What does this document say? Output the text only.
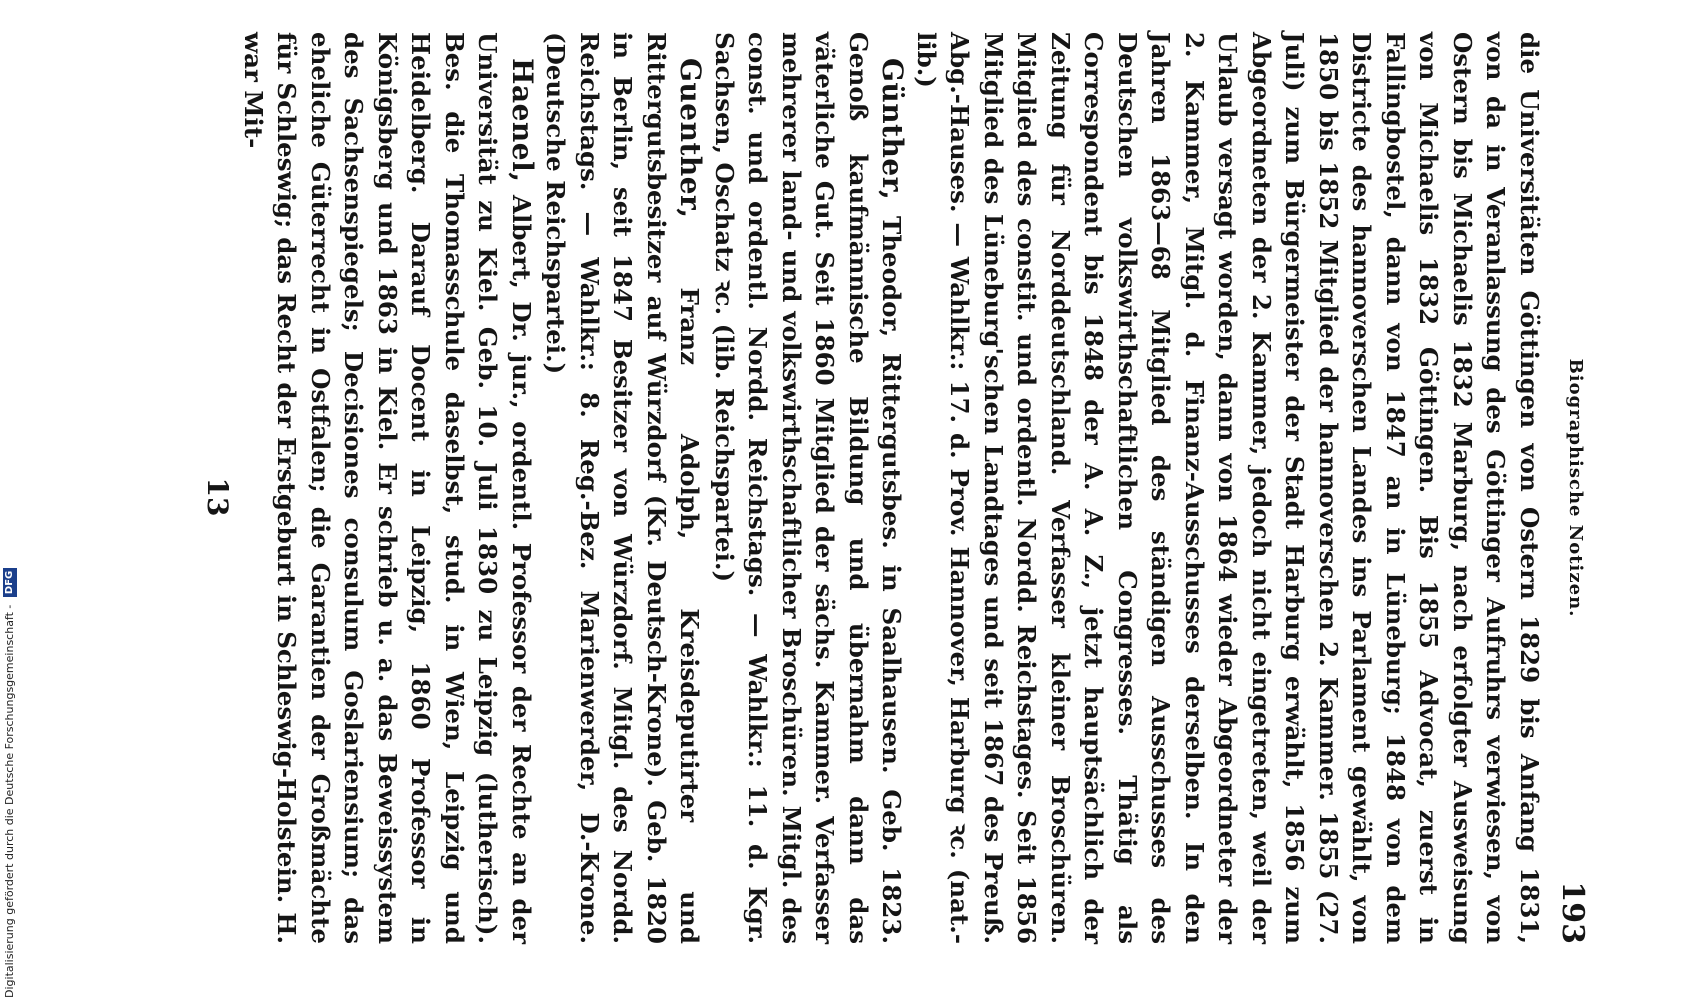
Biographische Notizen.
193

die Universitäten Göttingen von Ostern 1829 bis Anfang 1831, von da in Veranlassung des Göttinger Aufruhrs verwiesen, von Ostern bis Michaelis 1832 Marburg, nach erfolgter Ausweisung von Michaelis 1832 Göttingen. Bis 1855 Advocat, zuerst in Fallingbostel, dann von 1847 an in Lüneburg; 1848 von dem Districte des hannoverschen Landes ins Parlament gewählt, von 1850 bis 1852 Mitglied der hannoverschen 2. Kammer. 1855 (27. Juli) zum Bürgermeister der Stadt Harburg erwählt, 1856 zum Abgeordneten der 2. Kammer, jedoch nicht eingetreten, weil der Urlaub versagt worden, dann von 1864 wieder Abgeordneter der 2. Kammer, Mitgl. d. Finanz-Ausschusses derselben. In den Jahren 1863—68 Mitglied des ständigen Ausschusses des Deutschen volkswirthschaftlichen Congresses. Thätig als Correspondent bis 1848 der A. A. Z., jetzt hauptsächlich der Zeitung für Norddeutschland. Verfasser kleiner Broschüren. Mitglied des constit. und ordentl. Nordd. Reichstages. Seit 1856 Mitglied des Lüneburg'schen Landtages und seit 1867 des Preuß. Abg.-Hauses. — Wahlkr.: 17. d. Prov. Hannover, Harburg ꝛc. (nat.-lib.)

Günther, Theodor, Rittergutsbes. in Saalhausen. Geb. 1823. Genoß kaufmännische Bildung und übernahm dann das väterliche Gut. Seit 1860 Mitglied der sächs. Kammer. Verfasser mehrerer land- und volkswirthschaftlicher Broschüren. Mitgl. des const. und ordentl. Nordd. Reichstags. — Wahlkr.: 11. d. Kgr. Sachsen, Oschatz ꝛc. (lib. Reichspartei.)

Guenther, Franz Adolph, Kreisdeputirter und Rittergutsbesitzer auf Würzdorf (Kr. Deutsch-Krone). Geb. 1820 in Berlin, seit 1847 Besitzer von Würzdorf. Mitgl. des Nordd. Reichstags. — Wahlkr.: 8. Reg.-Bez. Marienwerder, D.-Krone. (Deutsche Reichspartei.)

Haenel, Albert, Dr. jur., ordentl. Professor der Rechte an der Universität zu Kiel. Geb. 10. Juli 1830 zu Leipzig (lutherisch). Bes. die Thomasschule daselbst, stud. in Wien, Leipzig und Heidelberg. Darauf Docent in Leipzig, 1860 Professor in Königsberg und 1863 in Kiel. Er schrieb u. a. das Beweissystem des Sachsenspiegels; Decisiones consulum Goslariensium; das eheliche Güterrecht in Ostfalen; die Garantien der Großmächte für Schleswig; das Recht der Erstgeburt in Schleswig-Holstein. H. war Mit-

13
Digitalisierung gefördert durch die Deutsche Forschungsgemeinschaft - DFG
